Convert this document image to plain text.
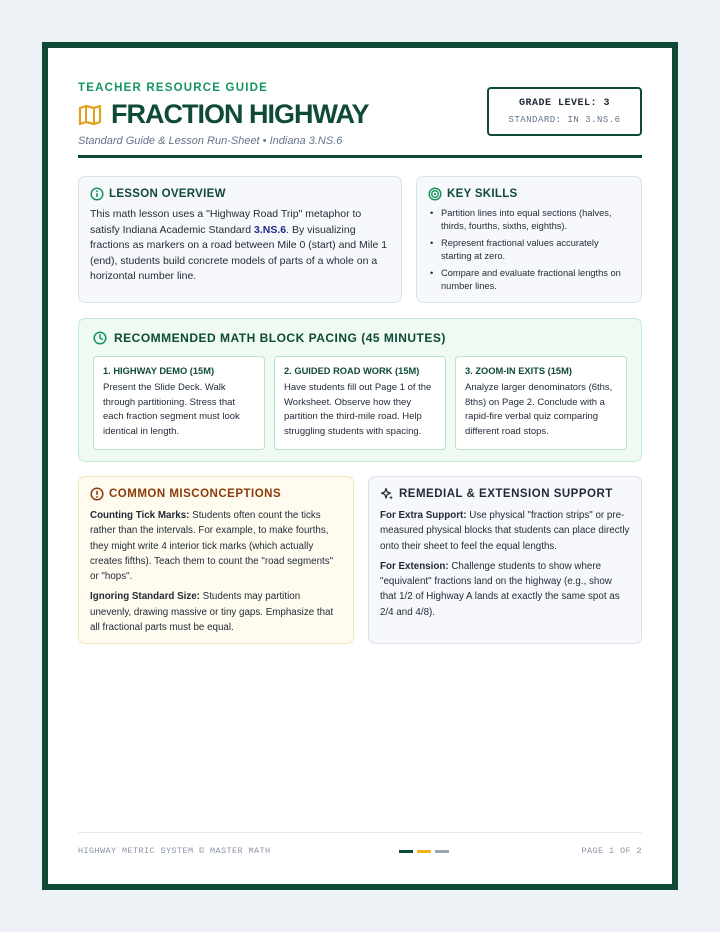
TEACHER RESOURCE GUIDE
FRACTION HIGHWAY
Standard Guide & Lesson Run-Sheet • Indiana 3.NS.6
GRADE LEVEL: 3
STANDARD: IN 3.NS.6
LESSON OVERVIEW
This math lesson uses a "Highway Road Trip" metaphor to satisfy Indiana Academic Standard 3.NS.6. By visualizing fractions as markers on a road between Mile 0 (start) and Mile 1 (end), students build concrete models of parts of a whole on a horizontal number line.
KEY SKILLS
• Partition lines into equal sections (halves, thirds, fourths, sixths, eighths).
• Represent fractional values accurately starting at zero.
• Compare and evaluate fractional lengths on number lines.
RECOMMENDED MATH BLOCK PACING (45 MINUTES)
1. HIGHWAY DEMO (15M)
Present the Slide Deck. Walk through partitioning. Stress that each fraction segment must look identical in length.
2. GUIDED ROAD WORK (15M)
Have students fill out Page 1 of the Worksheet. Observe how they partition the third-mile road. Help struggling students with spacing.
3. ZOOM-IN EXITS (15M)
Analyze larger denominators (6ths, 8ths) on Page 2. Conclude with a rapid-fire verbal quiz comparing different road stops.
COMMON MISCONCEPTIONS

Counting Tick Marks: Students often count the ticks rather than the intervals. For example, to make fourths, they might write 4 interior tick marks (which actually creates fifths). Teach them to count the "road segments" or "hops".

Ignoring Standard Size: Students may partition unevenly, drawing massive or tiny gaps. Emphasize that all fractional parts must be equal.

REMEDIAL & EXTENSION SUPPORT

For Extra Support: Use physical "fraction strips" or pre-measured physical blocks that students can place directly onto their sheet to feel the equal lengths.

For Extension: Challenge students to show where "equivalent" fractions land on the highway (e.g., show that 1/2 of Highway A lands at exactly the same spot as 2/4 and 4/8).

HIGHWAY METRIC SYSTEM © MASTER MATH	PAGE 1 OF 2
